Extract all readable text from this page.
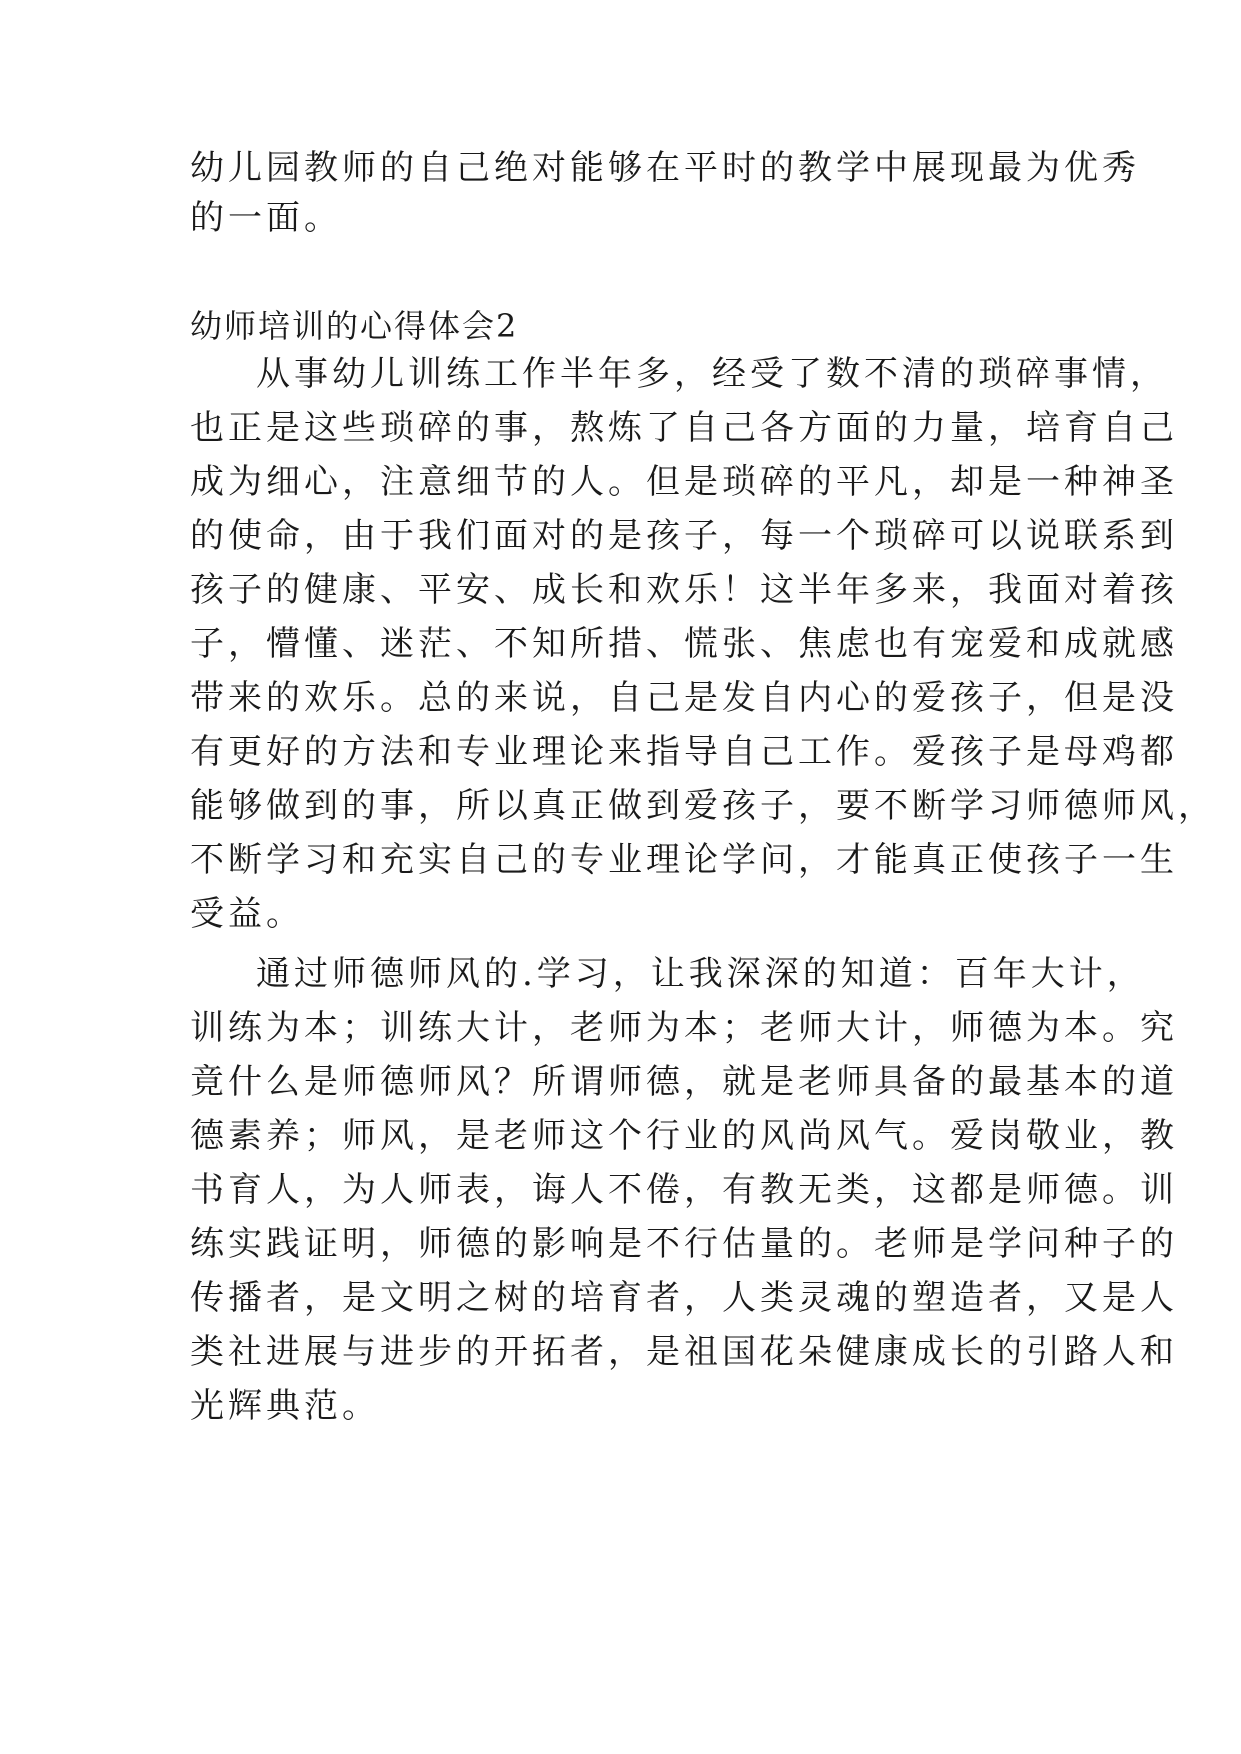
幼儿园教师的自己绝对能够在平时的教学中展现最为优秀
的一面。
幼师培训的心得体会2
从事幼儿训练工作半年多，经受了数不清的琐碎事情，
也正是这些琐碎的事，熬炼了自己各方面的力量，培育自己
成为细心，注意细节的人。但是琐碎的平凡，却是一种神圣
的使命，由于我们面对的是孩子，每一个琐碎可以说联系到
孩子的健康、平安、成长和欢乐！这半年多来，我面对着孩
子，懵懂、迷茫、不知所措、慌张、焦虑也有宠爱和成就感
带来的欢乐。总的来说，自己是发自内心的爱孩子，但是没
有更好的方法和专业理论来指导自己工作。爱孩子是母鸡都
能够做到的事，所以真正做到爱孩子，要不断学习师德师风，
不断学习和充实自己的专业理论学问，才能真正使孩子一生
受益。
通过师德师风的.学习，让我深深的知道：百年大计，
训练为本；训练大计，老师为本；老师大计，师德为本。究
竟什么是师德师风？所谓师德，就是老师具备的最基本的道
德素养；师风，是老师这个行业的风尚风气。爱岗敬业，教
书育人，为人师表，诲人不倦，有教无类，这都是师德。训
练实践证明，师德的影响是不行估量的。老师是学问种子的
传播者，是文明之树的培育者，人类灵魂的塑造者，又是人
类社进展与进步的开拓者，是祖国花朵健康成长的引路人和
光辉典范。
